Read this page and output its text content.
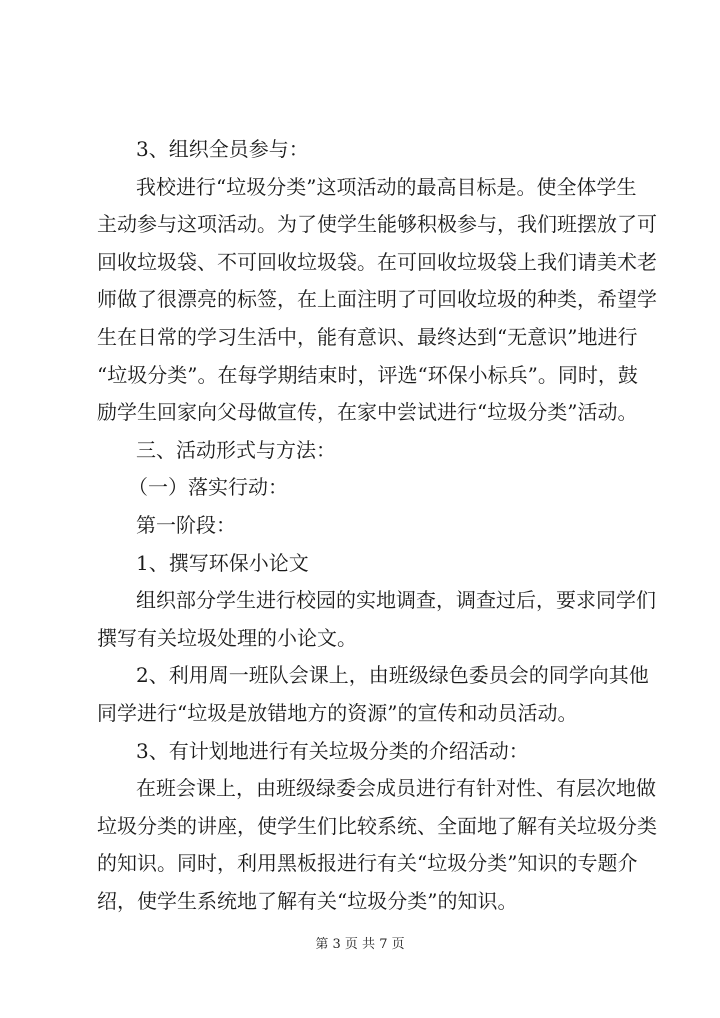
3、组织全员参与：
我校进行“垃圾分类”这项活动的最高目标是。使全体学生
主动参与这项活动。为了使学生能够积极参与，我们班摆放了可
回收垃圾袋、不可回收垃圾袋。在可回收垃圾袋上我们请美术老
师做了很漂亮的标签，在上面注明了可回收垃圾的种类，希望学
生在日常的学习生活中，能有意识、最终达到“无意识”地进行
“垃圾分类”。在每学期结束时，评选“环保小标兵”。同时，鼓
励学生回家向父母做宣传，在家中尝试进行“垃圾分类”活动。
三、活动形式与方法：
（一）落实行动：
第一阶段：
1、撰写环保小论文
组织部分学生进行校园的实地调查，调查过后，要求同学们
撰写有关垃圾处理的小论文。
2、利用周一班队会课上，由班级绿色委员会的同学向其他
同学进行“垃圾是放错地方的资源”的宣传和动员活动。
3、有计划地进行有关垃圾分类的介绍活动：
在班会课上，由班级绿委会成员进行有针对性、有层次地做
垃圾分类的讲座，使学生们比较系统、全面地了解有关垃圾分类
的知识。同时，利用黑板报进行有关“垃圾分类”知识的专题介
绍，使学生系统地了解有关“垃圾分类”的知识。
第 3 页 共 7 页
